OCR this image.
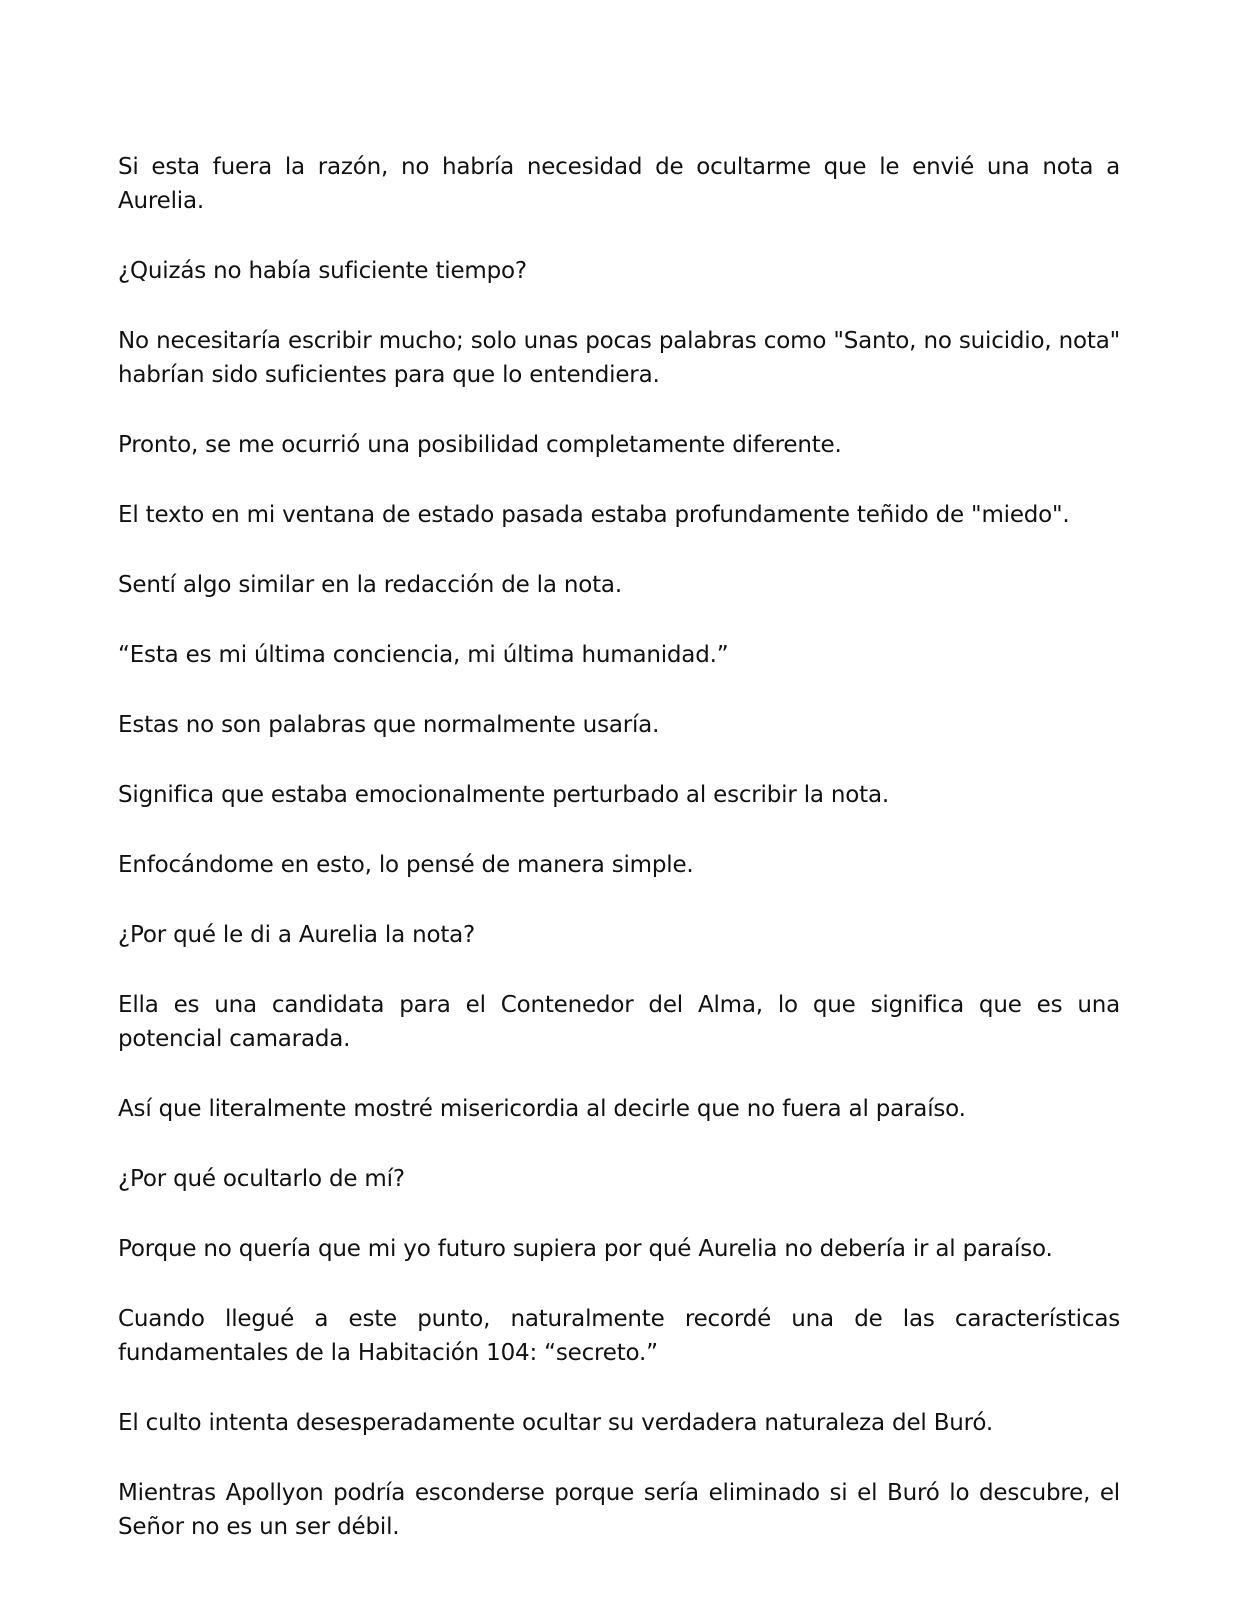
Si esta fuera la razón, no habría necesidad de ocultarme que le envié una nota a Aurelia.

¿Quizás no había suficiente tiempo?

No necesitaría escribir mucho; solo unas pocas palabras como "Santo, no suicidio, nota" habrían sido suficientes para que lo entendiera.

Pronto, se me ocurrió una posibilidad completamente diferente.

El texto en mi ventana de estado pasada estaba profundamente teñido de "miedo".

Sentí algo similar en la redacción de la nota.

“Esta es mi última conciencia, mi última humanidad.”

Estas no son palabras que normalmente usaría.

Significa que estaba emocionalmente perturbado al escribir la nota.

Enfocándome en esto, lo pensé de manera simple.

¿Por qué le di a Aurelia la nota?

Ella es una candidata para el Contenedor del Alma, lo que significa que es una potencial camarada.

Así que literalmente mostré misericordia al decirle que no fuera al paraíso.

¿Por qué ocultarlo de mí?

Porque no quería que mi yo futuro supiera por qué Aurelia no debería ir al paraíso.

Cuando llegué a este punto, naturalmente recordé una de las características fundamentales de la Habitación 104: “secreto.”

El culto intenta desesperadamente ocultar su verdadera naturaleza del Buró.

Mientras Apollyon podría esconderse porque sería eliminado si el Buró lo descubre, el Señor no es un ser débil.
